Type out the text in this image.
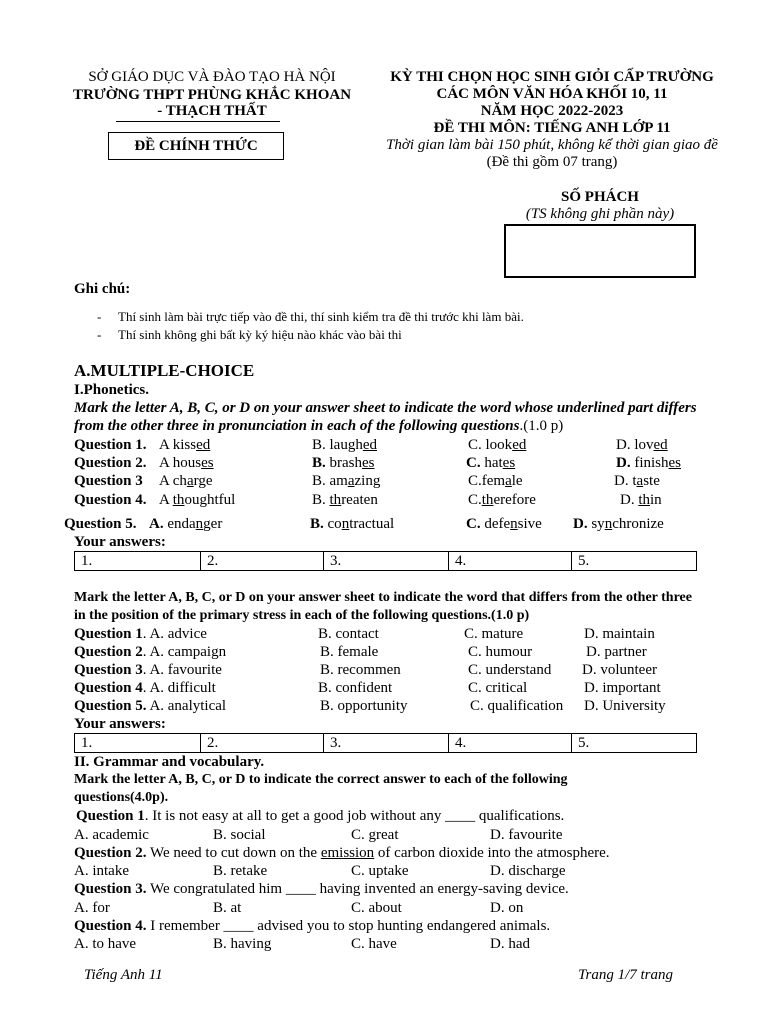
SỞ GIÁO DỤC VÀ ĐÀO TẠO HÀ NỘI
TRƯỜNG THPT PHÙNG KHẮC KHOAN
- THẠCH THẤT
ĐỀ CHÍNH THỨC
KỲ THI CHỌN HỌC SINH GIỎI CẤP TRƯỜNG
CÁC MÔN VĂN HÓA KHỐI 10, 11
NĂM HỌC 2022-2023
ĐỀ THI MÔN: TIẾNG ANH LỚP 11
Thời gian làm bài 150 phút, không kể thời gian giao đề
(Đề thi gồm 07 trang)
SỐ PHÁCH
(TS không ghi phần này)
Ghi chú:
- Thí sinh làm bài trực tiếp vào đề thi, thí sinh kiểm tra đề thi trước khi làm bài.
- Thí sinh không ghi bất kỳ ký hiệu nào khác vào bài thi
A.MULTIPLE-CHOICE
I.Phonetics.
Mark the letter A, B, C, or D on your answer sheet to indicate the word whose underlined part differs from the other three in pronunciation in each of the following questions.(1.0 p)
Question 1. A kissed	B. laughed	C. looked	D. loved
Question 2. A houses	B. brashes	C. hates	D. finishes
Question 3 A charge	B. amazing	C.female	D. taste
Question 4. A thoughtful	B. threaten	C.therefore	D. thin
Question 5. A. endanger	B. contractual	C. defensive D. synchronize
Your answers:
1.	2.	3.	4.	5.
Mark the letter A, B, C, or D on your answer sheet to indicate the word that differs from the other three in the position of the primary stress in each of the following questions.(1.0 p)
Question 1. A. advice	B. contact	C. mature	D. maintain
Question 2. A. campaign	B. female	C. humour	D. partner
Question 3. A. favourite	B. recommen	C. understand D. volunteer
Question 4. A. difficult	B. confident	C. critical	D. important
Question 5. A. analytical	B. opportunity	C. qualification D. University
Your answers:
1.	2.	3.	4.	5.
II. Grammar and vocabulary.
Mark the letter A, B, C, or D to indicate the correct answer to each of the following questions(4.0p).
Question 1. It is not easy at all to get a good job without any ____ qualifications.
A. academic	B. social	C. great	D. favourite
Question 2. We need to cut down on the emission of carbon dioxide into the atmosphere.
A. intake	B. retake	C. uptake	D. discharge
Question 3. We congratulated him ____ having invented an energy-saving device.
A. for	B. at	C. about	D. on
Question 4. I remember ____ advised you to stop hunting endangered animals.
A. to have	B. having	C. have	D. had
Tiếng Anh 11	Trang 1/7 trang
